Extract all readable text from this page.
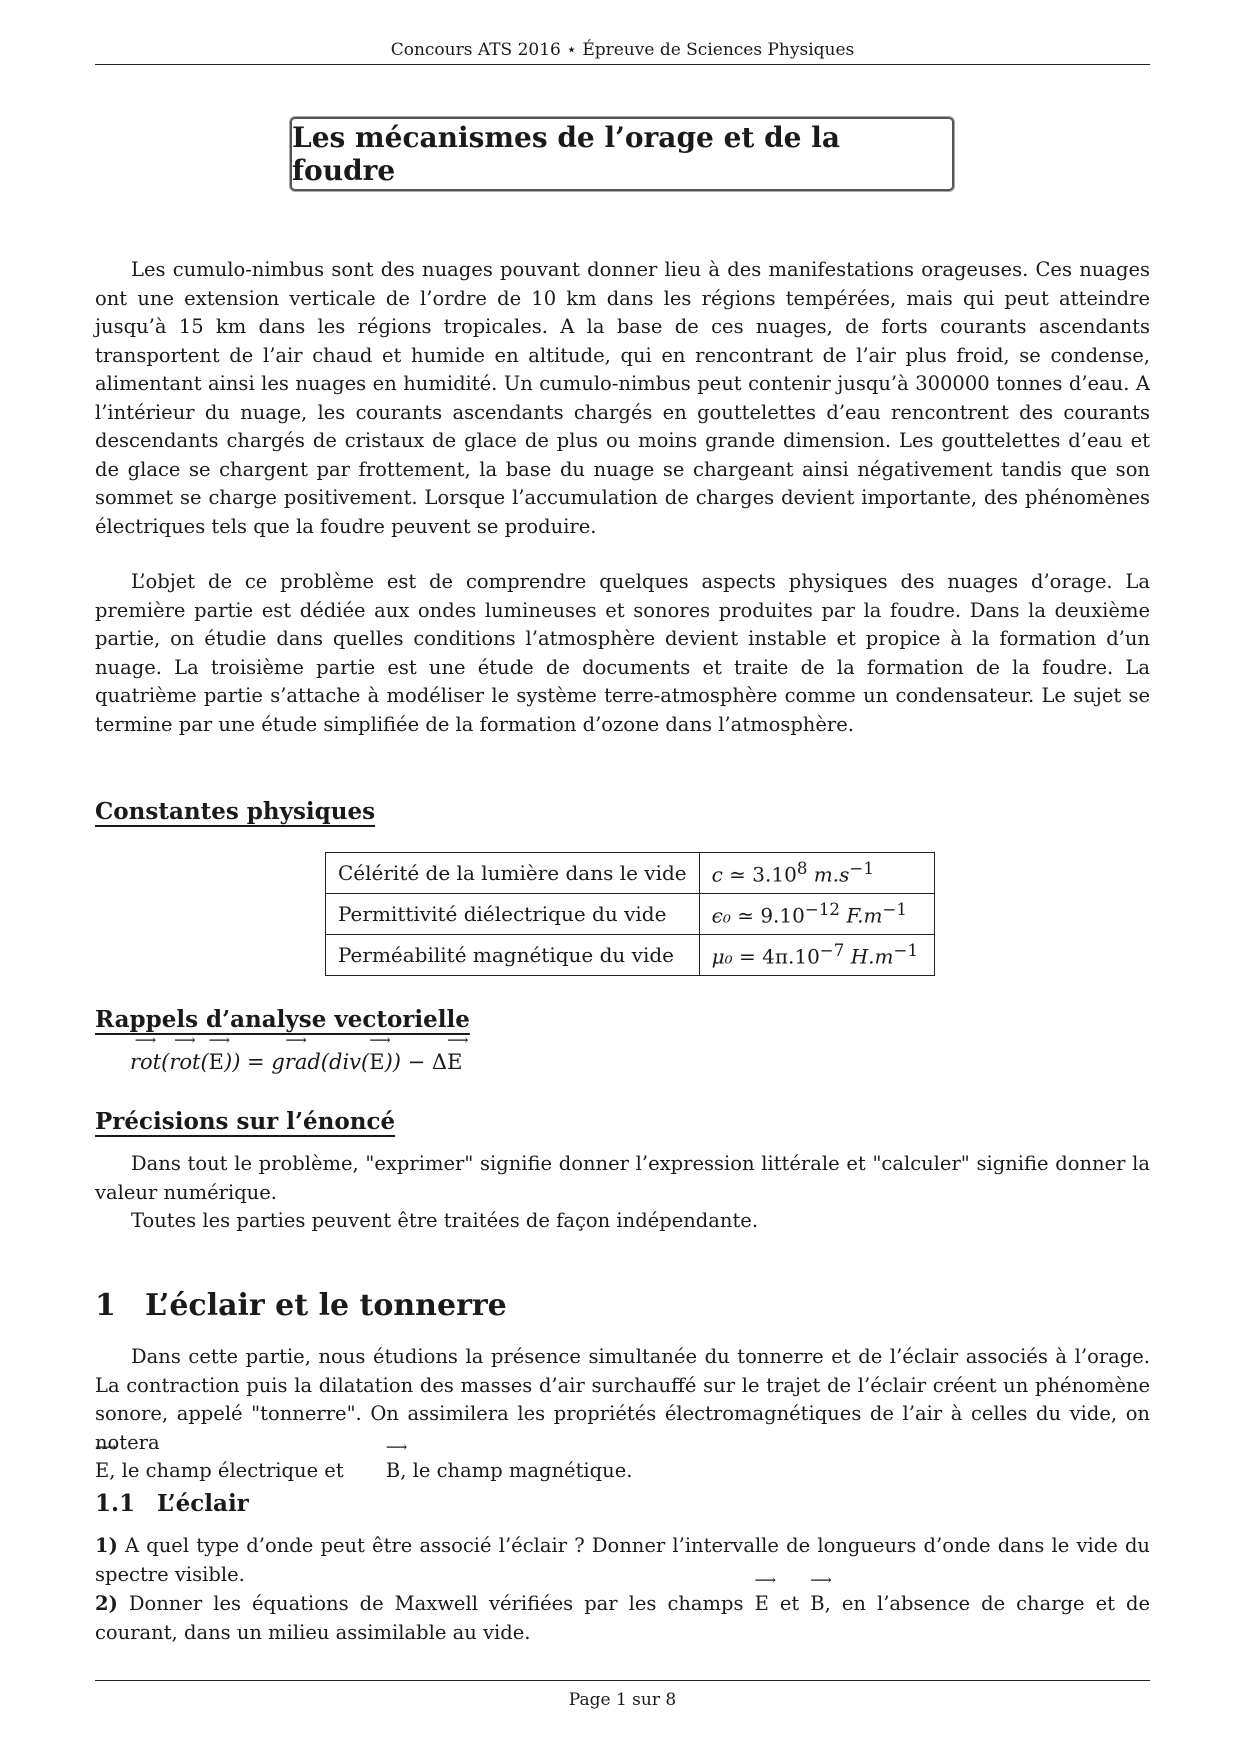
Concours ATS 2016 ⋆ Épreuve de Sciences Physiques
Les mécanismes de l’orage et de la foudre

Les cumulo-nimbus sont des nuages pouvant donner lieu à des manifestations orageuses. Ces nuages ont une extension verticale de l’ordre de 10 km dans les régions tempérées, mais qui peut atteindre jusqu’à 15 km dans les régions tropicales. A la base de ces nuages, de forts courants ascendants transportent de l’air chaud et humide en altitude, qui en rencontrant de l’air plus froid, se condense, alimentant ainsi les nuages en humidité. Un cumulo-nimbus peut contenir jusqu’à 300000 tonnes d’eau. A l’intérieur du nuage, les courants ascendants chargés en gouttelettes d’eau rencontrent des courants descendants chargés de cristaux de glace de plus ou moins grande dimension. Les gouttelettes d’eau et de glace se chargent par frottement, la base du nuage se chargeant ainsi négativement tandis que son sommet se charge positivement. Lorsque l’accumulation de charges devient importante, des phénomènes électriques tels que la foudre peuvent se produire.

L’objet de ce problème est de comprendre quelques aspects physiques des nuages d’orage. La première partie est dédiée aux ondes lumineuses et sonores produites par la foudre. Dans la deuxième partie, on étudie dans quelles conditions l’atmosphère devient instable et propice à la formation d’un nuage. La troisième partie est une étude de documents et traite de la formation de la foudre. La quatrième partie s’attache à modéliser le système terre-atmosphère comme un condensateur. Le sujet se termine par une étude simplifiée de la formation d’ozone dans l’atmosphère.

Constantes physiques
Célérité de la lumière dans le vide	c ≃ 3.10$^8$ $m.s^{-1}$
Permittivité diélectrique du vide	ϵ₀ ≃ $9.10^{-12}$ $F.m^{-1}$
Perméabilité magnétique du vide	$\mu_0 = 4\pi.10^{-7}$ $H.m^{-1}$
Rappels d’analyse vectorielle
⟶ rot(⟶ rot(⟶ E)) = ⟶ grad(div(⟶ E)) − Δ⟶ E
Précisions sur l’énoncé

Dans tout le problème, "exprimer" signifie donner l’expression littérale et "calculer" signifie donner la valeur numérique.

Toutes les parties peuvent être traitées de façon indépendante.

1 L’éclair et le tonnerre

Dans cette partie, nous étudions la présence simultanée du tonnerre et de l’éclair associés à l’orage. La contraction puis la dilatation des masses d’air surchauffé sur le trajet de l’éclair créent un phénomène sonore, appelé "tonnerre". On assimilera les propriétés électromagnétiques de l’air à celles du vide, on notera
⟶ E, le champ électrique et ⟶ B, le champ magnétique.

1.1 L’éclair
1) A quel type d’onde peut être associé l’éclair ? Donner l’intervalle de longueurs d’onde dans le vide du spectre visible.
2) Donner les équations de Maxwell vérifiées par les champs ⟶ E et ⟶ B, en l’absence de charge et de courant, dans un milieu assimilable au vide.
Page 1 sur 8
